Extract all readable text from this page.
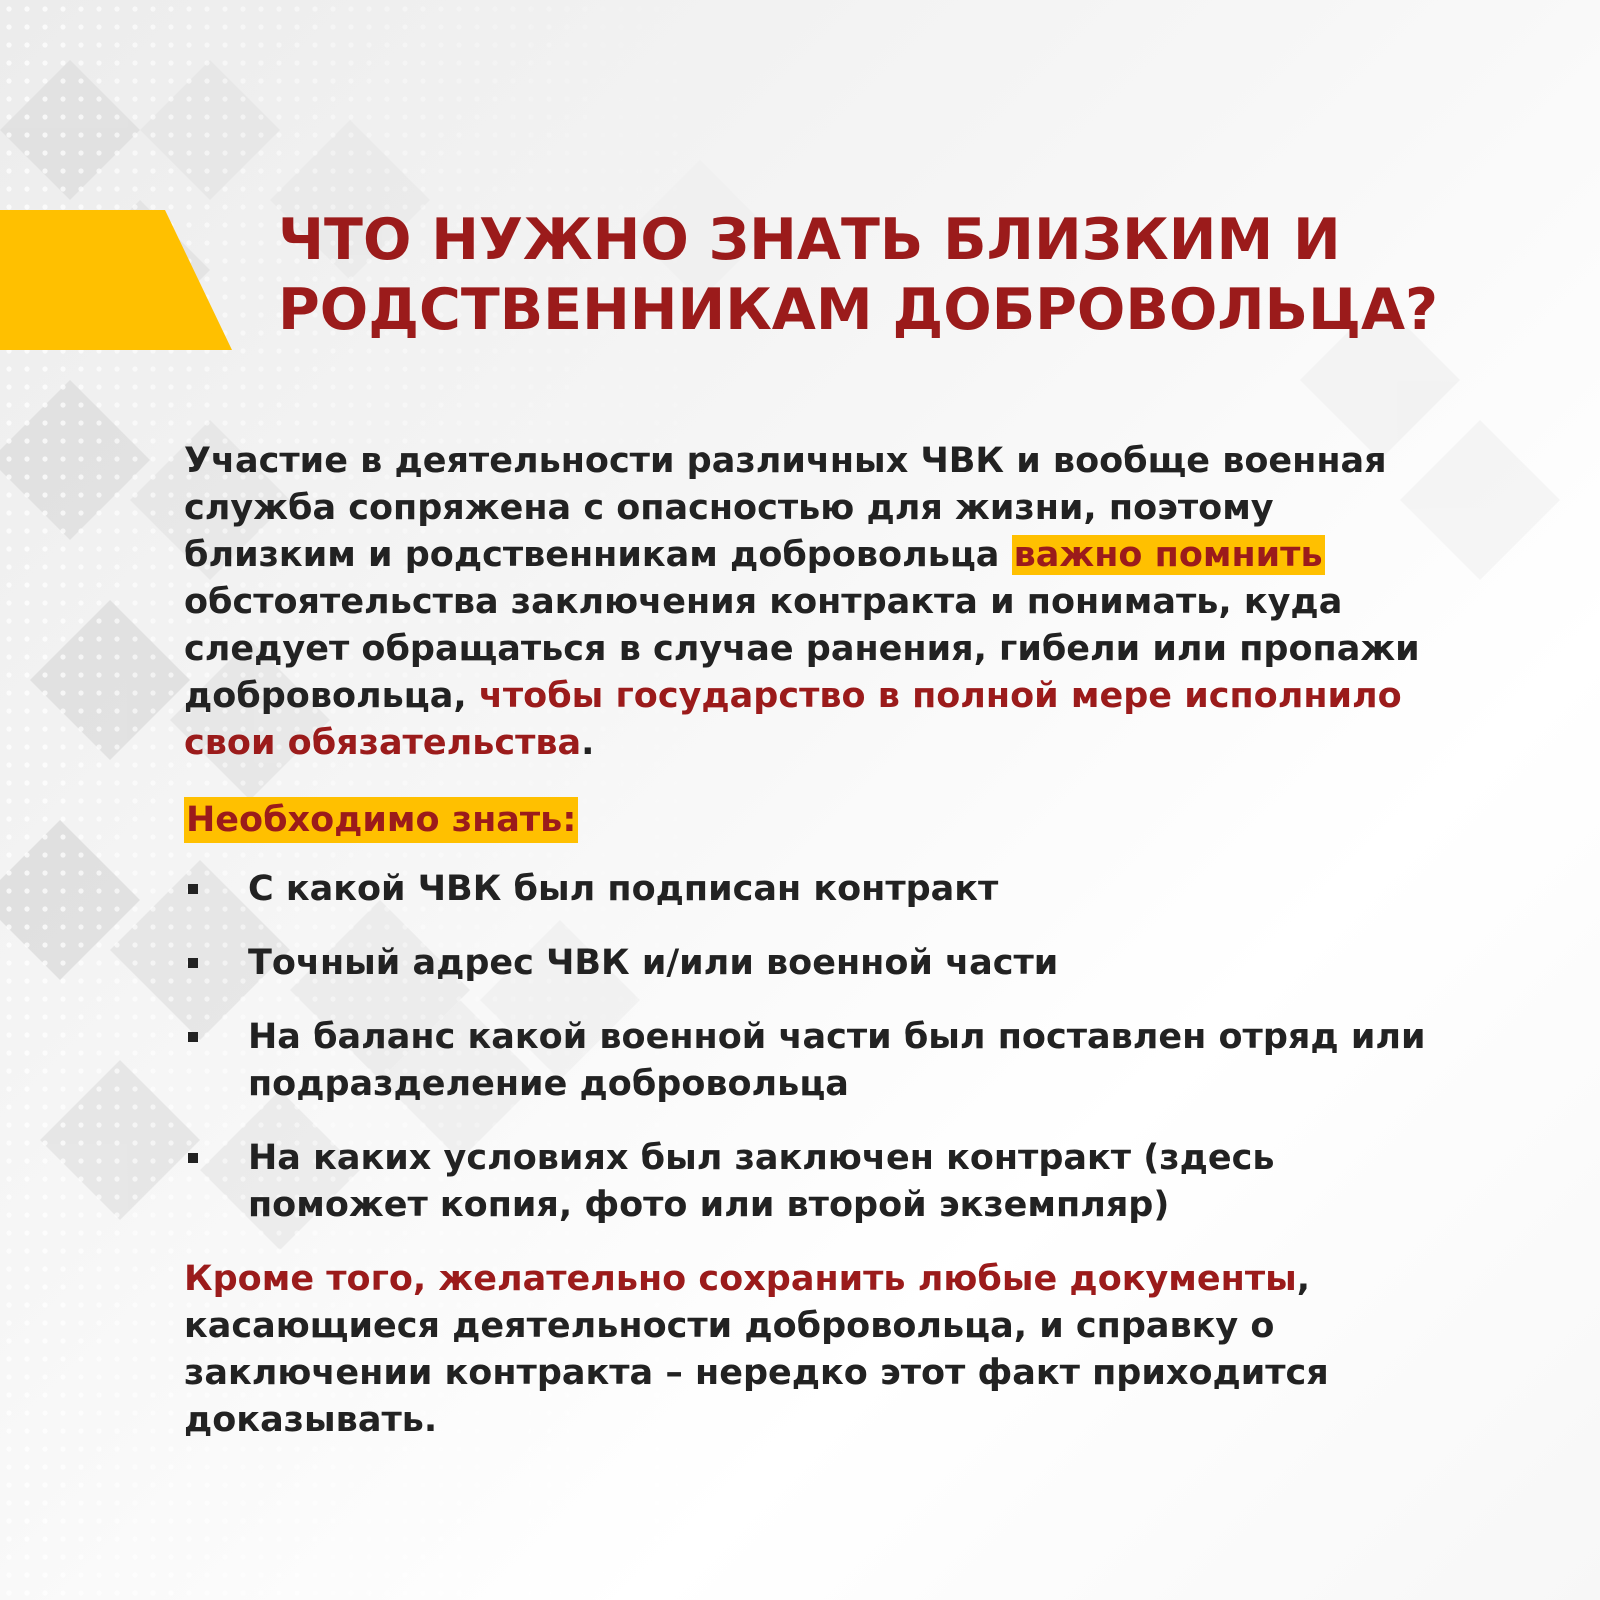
ЧТО НУЖНО ЗНАТЬ БЛИЗКИМ И
РОДСТВЕННИКАМ ДОБРОВОЛЬЦА?

Участие в деятельности различных ЧВК и вообще военная служба сопряжена с опасностью для жизни, поэтому близким и родственникам добровольца важно помнить обстоятельства заключения контракта и понимать, куда следует обращаться в случае ранения, гибели или пропажи добровольца, чтобы государство в полной мере исполнило свои обязательства.

Необходимо знать:
С какой ЧВК был подписан контракт
Точный адрес ЧВК и/или военной части
На баланс какой военной части был поставлен отряд или подразделение добровольца
На каких условиях был заключен контракт (здесь поможет копия, фото или второй экземпляр)

Кроме того, желательно сохранить любые документы, касающиеся деятельности добровольца, и справку о заключении контракта – нередко этот факт приходится доказывать.
